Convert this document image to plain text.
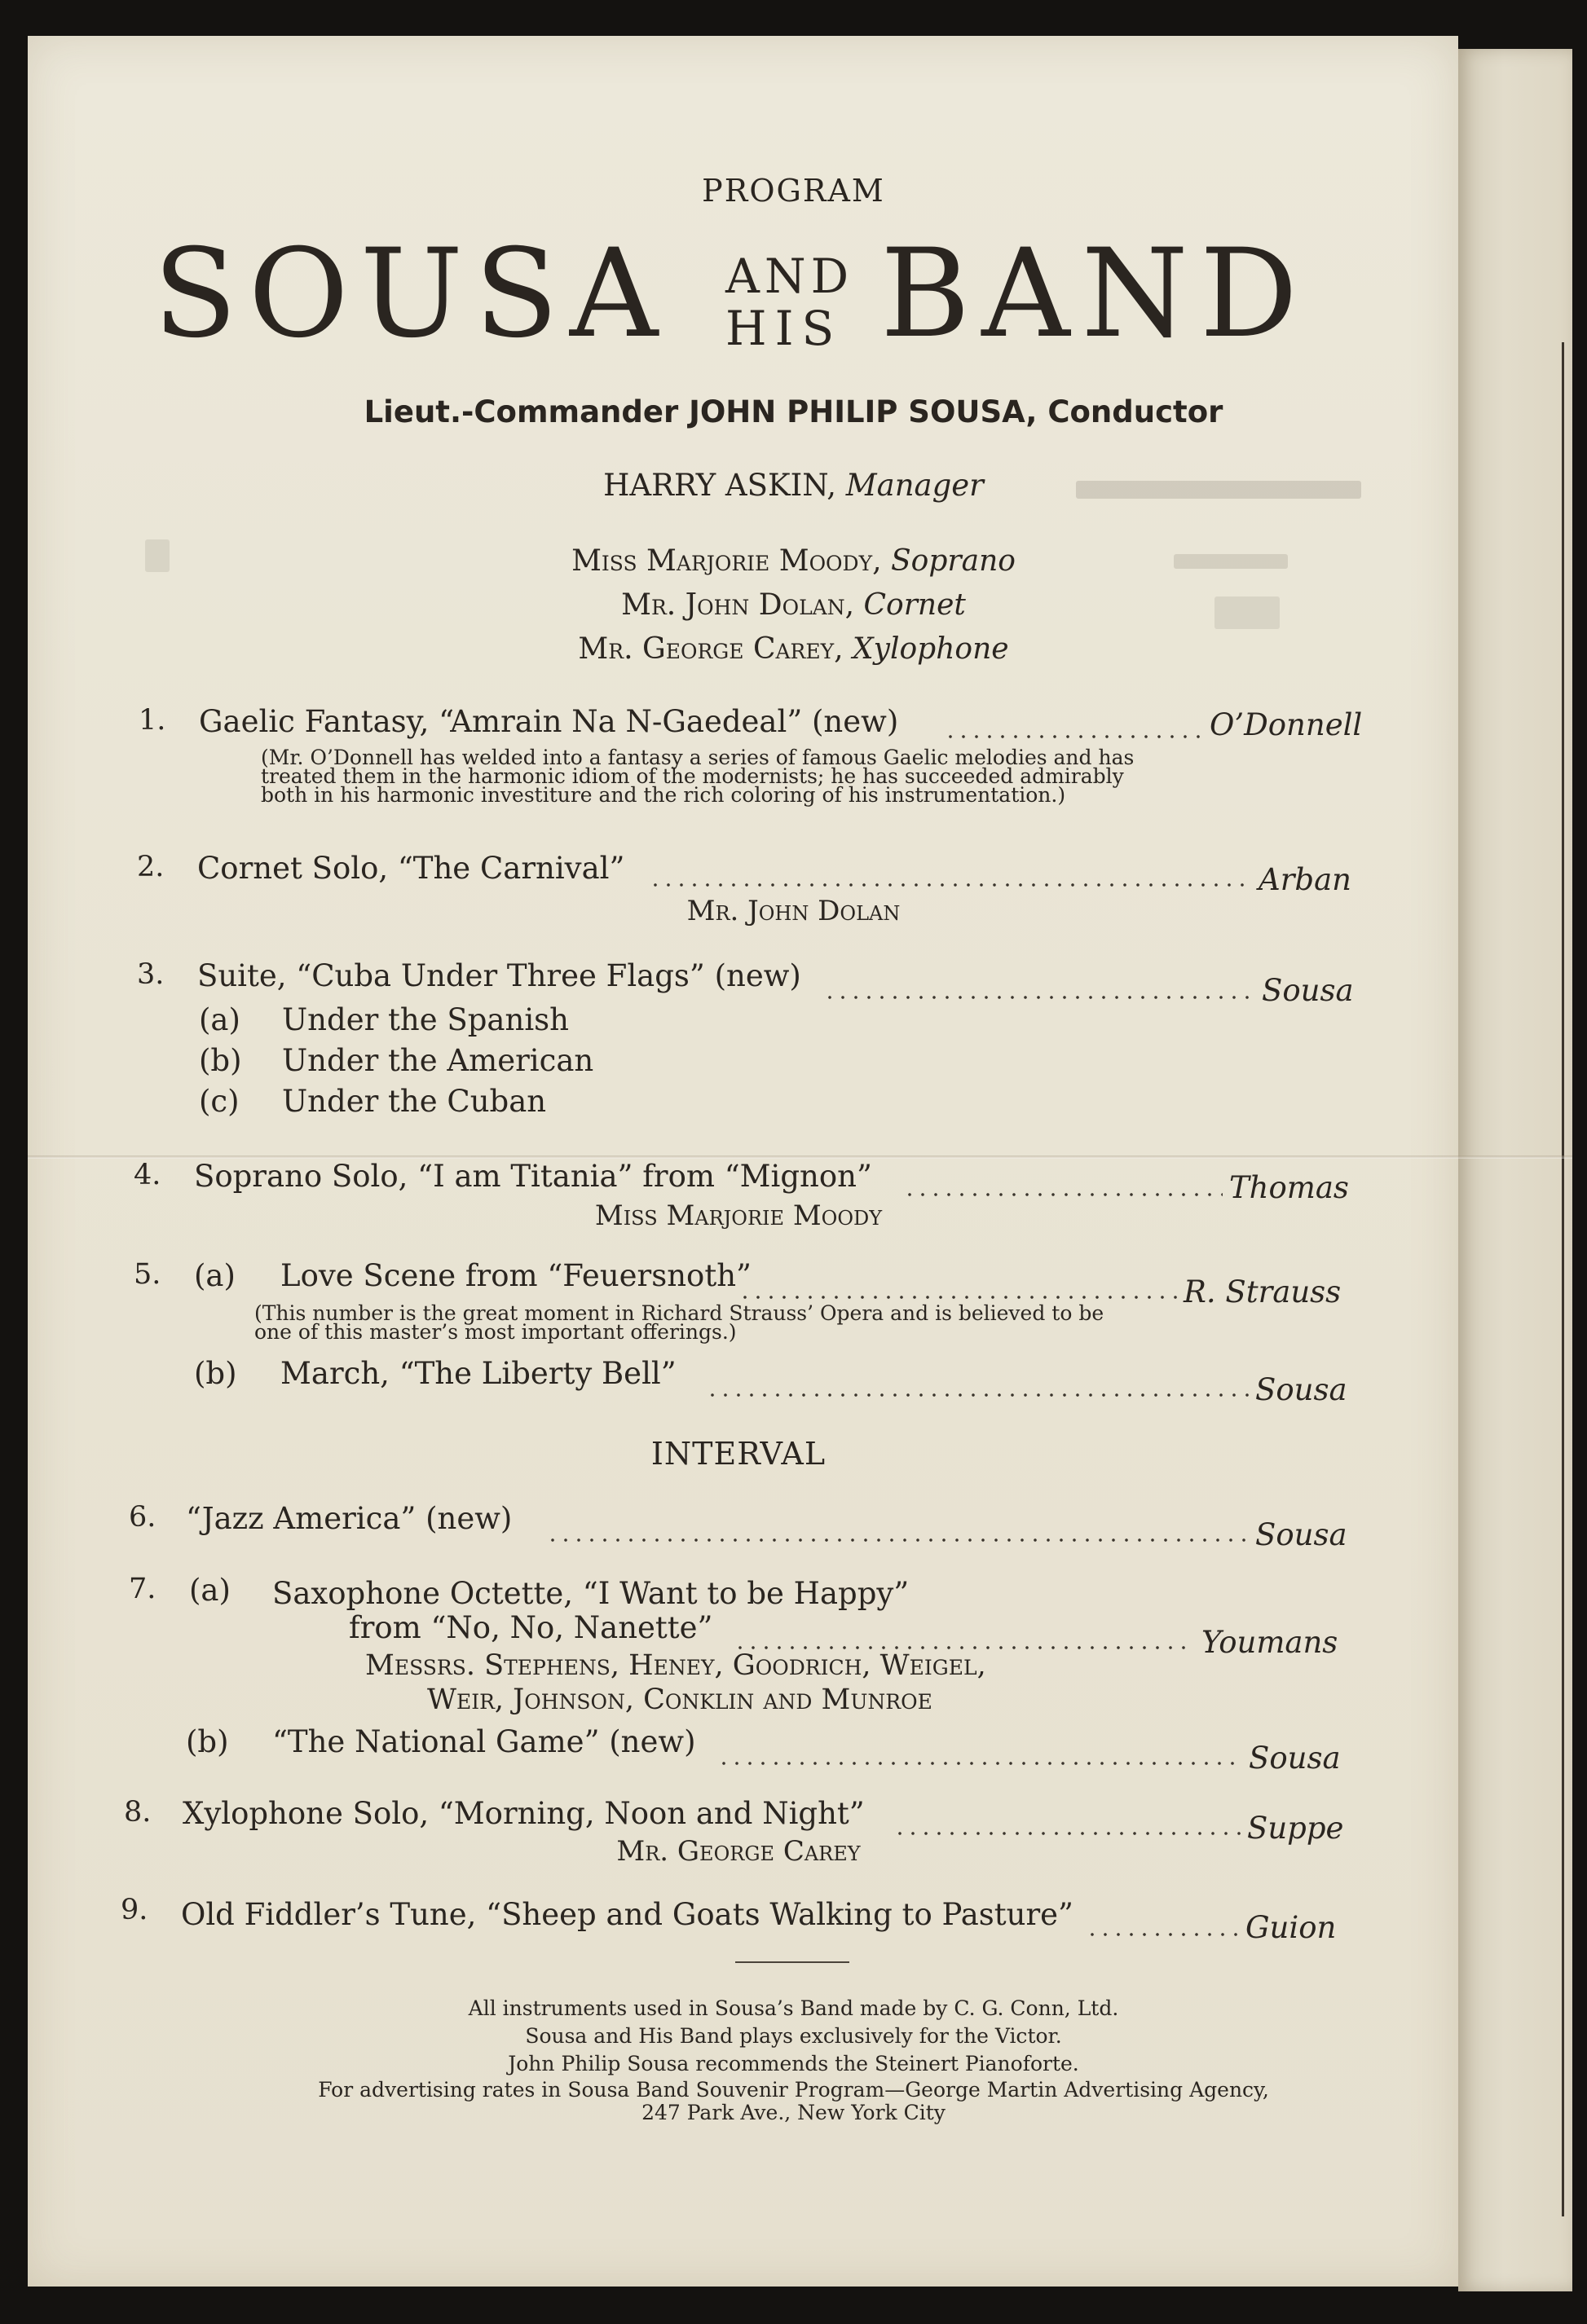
PROGRAM
SOUSA AND
HIS BAND
Lieut.-Commander JOHN PHILIP SOUSA, Conductor
HARRY ASKIN, Manager
Miss Marjorie Moody, Soprano
Mr. John Dolan, Cornet
Mr. George Carey, Xylophone
1. Gaelic Fantasy, “Amrain Na N-Gaedeal” (new)	O’Donnell
(Mr. O’Donnell has welded into a fantasy a series of famous Gaelic melodies and has
treated them in the harmonic idiom of the modernists; he has succeeded admirably
both in his harmonic investiture and the rich coloring of his instrumentation.)
2. Cornet Solo, “The Carnival”	Arban
Mr. John Dolan
3. Suite, “Cuba Under Three Flags” (new)	Sousa
(a) Under the Spanish
(b) Under the American
(c) Under the Cuban
4. Soprano Solo, “I am Titania” from “Mignon”	Thomas
Miss Marjorie Moody
5. (a) Love Scene from “Feuersnoth”	R. Strauss
(This number is the great moment in Richard Strauss’ Opera and is believed to be
one of this master’s most important offerings.)
(b) March, “The Liberty Bell”	Sousa
INTERVAL
6. “Jazz America” (new)	Sousa
7. (a) Saxophone Octette, “I Want to be Happy”
from “No, No, Nanette”	Youmans
Messrs. Stephens, Heney, Goodrich, Weigel,
Weir, Johnson, Conklin and Munroe
(b) “The National Game” (new)	Sousa
8. Xylophone Solo, “Morning, Noon and Night”	Suppe
Mr. George Carey
9. Old Fiddler’s Tune, “Sheep and Goats Walking to Pasture”	Guion
All instruments used in Sousa’s Band made by C. G. Conn, Ltd.
Sousa and His Band plays exclusively for the Victor.
John Philip Sousa recommends the Steinert Pianoforte.
For advertising rates in Sousa Band Souvenir Program—George Martin Advertising Agency,
247 Park Ave., New York City
